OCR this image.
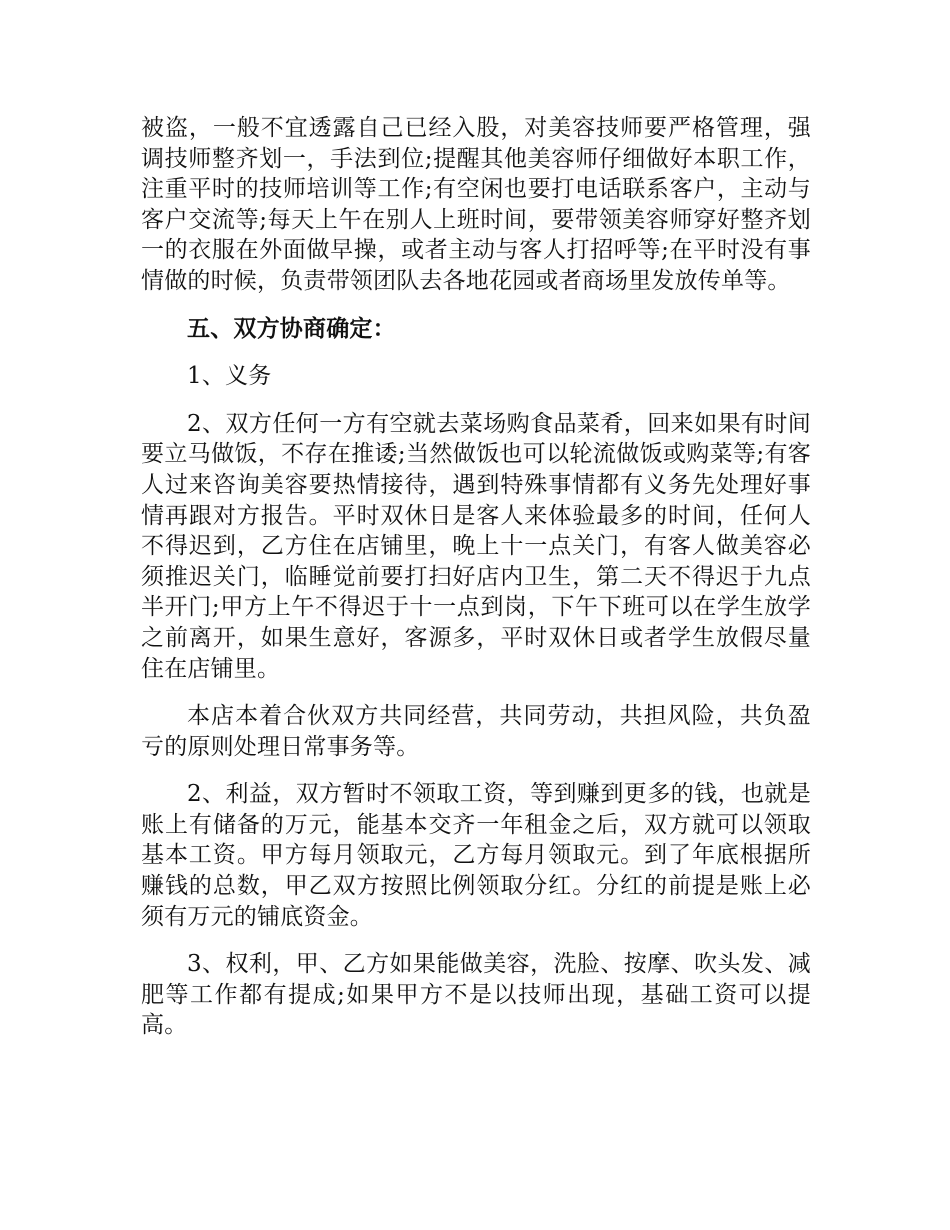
被盗，一般不宜透露自己已经入股，对美容技师要严格管理，强调技师整齐划一，手法到位;提醒其他美容师仔细做好本职工作，注重平时的技师培训等工作;有空闲也要打电话联系客户，主动与客户交流等;每天上午在别人上班时间，要带领美容师穿好整齐划一的衣服在外面做早操，或者主动与客人打招呼等;在平时没有事情做的时候，负责带领团队去各地花园或者商场里发放传单等。

五、双方协商确定：

1、义务

2、双方任何一方有空就去菜场购食品菜肴，回来如果有时间要立马做饭，不存在推诿;当然做饭也可以轮流做饭或购菜等;有客人过来咨询美容要热情接待，遇到特殊事情都有义务先处理好事情再跟对方报告。平时双休日是客人来体验最多的时间，任何人不得迟到，乙方住在店铺里，晚上十一点关门，有客人做美容必须推迟关门，临睡觉前要打扫好店内卫生，第二天不得迟于九点半开门;甲方上午不得迟于十一点到岗，下午下班可以在学生放学之前离开，如果生意好，客源多，平时双休日或者学生放假尽量住在店铺里。

本店本着合伙双方共同经营，共同劳动，共担风险，共负盈亏的原则处理日常事务等。

2、利益，双方暂时不领取工资，等到赚到更多的钱，也就是账上有储备的万元，能基本交齐一年租金之后，双方就可以领取基本工资。甲方每月领取元，乙方每月领取元。到了年底根据所赚钱的总数，甲乙双方按照比例领取分红。分红的前提是账上必须有万元的铺底资金。

3、权利，甲、乙方如果能做美容，洗脸、按摩、吹头发、减肥等工作都有提成;如果甲方不是以技师出现，基础工资可以提高。
